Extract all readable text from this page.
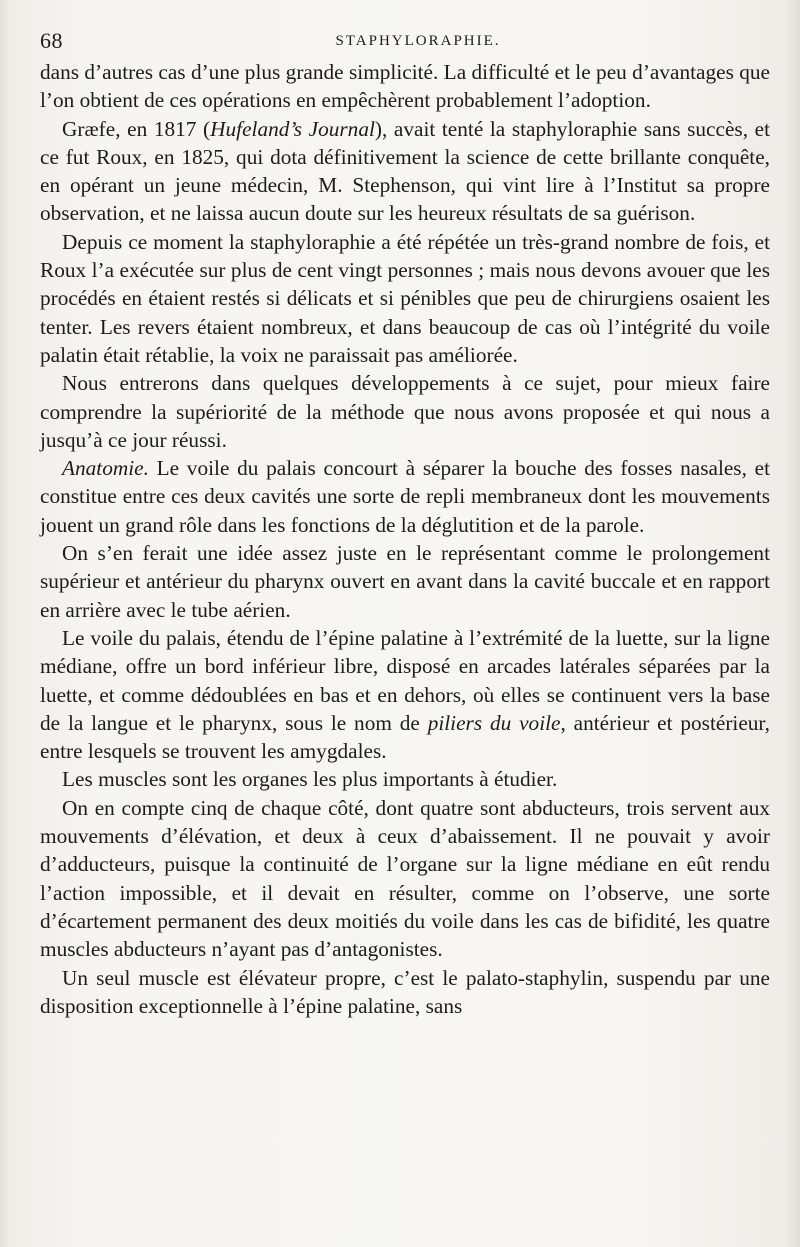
68	STAPHYLORAPHIE.

dans d’autres cas d’une plus grande simplicité. La difficulté et le peu d’avantages que l’on obtient de ces opérations en empêchèrent probablement l’adoption.

Græfe, en 1817 (Hufeland’s Journal), avait tenté la staphyloraphie sans succès, et ce fut Roux, en 1825, qui dota définitivement la science de cette brillante conquête, en opérant un jeune médecin, M. Stephenson, qui vint lire à l’Institut sa propre observation, et ne laissa aucun doute sur les heureux résultats de sa guérison.

Depuis ce moment la staphyloraphie a été répétée un très-grand nombre de fois, et Roux l’a exécutée sur plus de cent vingt personnes ; mais nous devons avouer que les procédés en étaient restés si délicats et si pénibles que peu de chirurgiens osaient les tenter. Les revers étaient nombreux, et dans beaucoup de cas où l’intégrité du voile palatin était rétablie, la voix ne paraissait pas améliorée.

Nous entrerons dans quelques développements à ce sujet, pour mieux faire comprendre la supériorité de la méthode que nous avons proposée et qui nous a jusqu’à ce jour réussi.

Anatomie. Le voile du palais concourt à séparer la bouche des fosses nasales, et constitue entre ces deux cavités une sorte de repli membraneux dont les mouvements jouent un grand rôle dans les fonctions de la déglutition et de la parole.

On s’en ferait une idée assez juste en le représentant comme le prolongement supérieur et antérieur du pharynx ouvert en avant dans la cavité buccale et en rapport en arrière avec le tube aérien.

Le voile du palais, étendu de l’épine palatine à l’extrémité de la luette, sur la ligne médiane, offre un bord inférieur libre, disposé en arcades latérales séparées par la luette, et comme dédoublées en bas et en dehors, où elles se continuent vers la base de la langue et le pharynx, sous le nom de piliers du voile, antérieur et postérieur, entre lesquels se trouvent les amygdales.

Les muscles sont les organes les plus importants à étudier.

On en compte cinq de chaque côté, dont quatre sont abducteurs, trois servent aux mouvements d’élévation, et deux à ceux d’abaissement. Il ne pouvait y avoir d’adducteurs, puisque la continuité de l’organe sur la ligne médiane en eût rendu l’action impossible, et il devait en résulter, comme on l’observe, une sorte d’écartement permanent des deux moitiés du voile dans les cas de bifidité, les quatre muscles abducteurs n’ayant pas d’antagonistes.

Un seul muscle est élévateur propre, c’est le palato-staphylin, suspendu par une disposition exceptionnelle à l’épine palatine, sans
